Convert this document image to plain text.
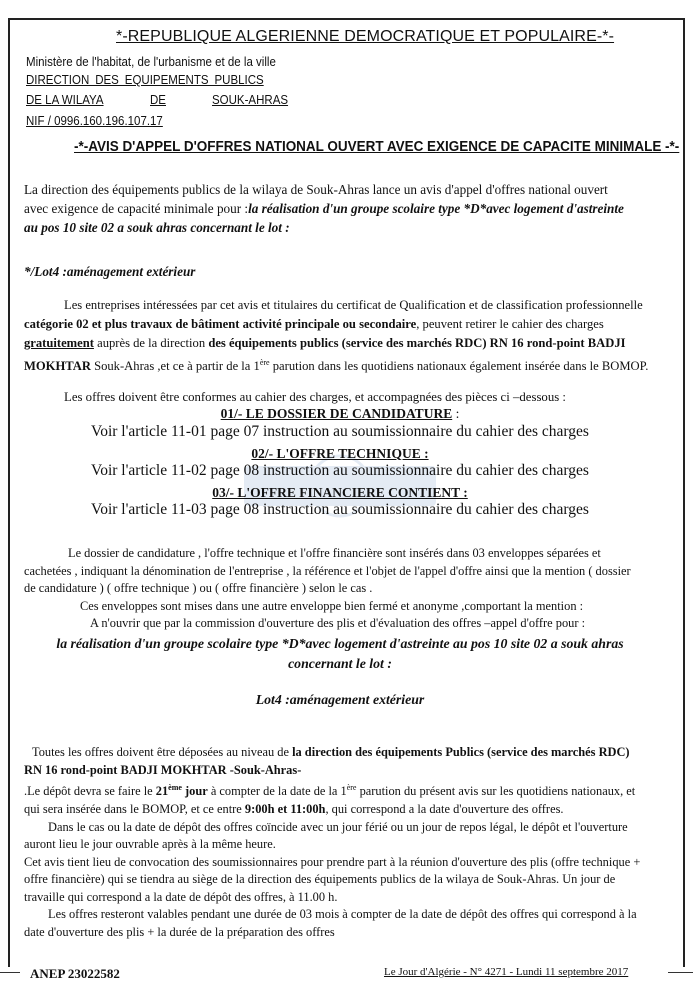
*-REPUBLIQUE ALGERIENNE DEMOCRATIQUE ET POPULAIRE-*-
Ministère de l'habitat, de l'urbanisme et de la ville
DIRECTION DES EQUIPEMENTS PUBLICS
DE LA WILAYA	DE	SOUK-AHRAS
NIF / 0996.160.196.107.17
-*-AVIS D'APPEL D'OFFRES NATIONAL OUVERT AVEC EXIGENCE DE CAPACITE MINIMALE -*-
La direction des équipements publics de la wilaya de Souk-Ahras lance un avis d'appel d'offres national ouvert
avec exigence de capacité minimale pour :la réalisation d'un groupe scolaire type *D*avec logement d'astreinte
au pos 10 site 02 a souk ahras concernant le lot :
*/Lot4 :aménagement extérieur
Les entreprises intéressées par cet avis et titulaires du certificat de Qualification et de classification professionnelle
catégorie 02 et plus travaux de bâtiment activité principale ou secondaire, peuvent retirer le cahier des charges
gratuitement auprès de la direction des équipements publics (service des marchés RDC) RN 16 rond-point BADJI
MOKHTAR Souk-Ahras ,et ce à partir de la 1ère parution dans les quotidiens nationaux également insérée dans le BOMOP.
Les offres doivent être conformes au cahier des charges, et accompagnées des pièces ci –dessous :
01/- LE DOSSIER DE CANDIDATURE :
Voir l'article 11-01 page 07 instruction au soumissionnaire du cahier des charges
02/- L'OFFRE TECHNIQUE :
Voir l'article 11-02 page 08 instruction au soumissionnaire du cahier des charges
03/- L'OFFRE FINANCIERE CONTIENT :
Voir l'article 11-03 page 08 instruction au soumissionnaire du cahier des charges
Le dossier de candidature , l'offre technique et l'offre financière sont insérés dans 03 enveloppes séparées et
cachetées , indiquant la dénomination de l'entreprise , la référence et l'objet de l'appel d'offre ainsi que la mention ( dossier
de candidature ) ( offre technique ) ou ( offre financière ) selon le cas .
Ces enveloppes sont mises dans une autre enveloppe bien fermé et anonyme ,comportant la mention :
A n'ouvrir que par la commission d'ouverture des plis et d'évaluation des offres –appel d'offre pour :
la réalisation d'un groupe scolaire type *D*avec logement d'astreinte au pos 10 site 02 a souk ahras
concernant le lot :
Lot4 :aménagement extérieur
Toutes les offres doivent être déposées au niveau de la direction des équipements Publics (service des marchés RDC)
RN 16 rond-point BADJI MOKHTAR -Souk-Ahras-
.Le dépôt devra se faire le 21ème jour à compter de la date de la 1ère parution du présent avis sur les quotidiens nationaux, et
qui sera insérée dans le BOMOP, et ce entre 9:00h et 11:00h, qui correspond a la date d'ouverture des offres.
Dans le cas ou la date de dépôt des offres coïncide avec un jour férié ou un jour de repos légal, le dépôt et l'ouverture
auront lieu le jour ouvrable après à la même heure.
Cet avis tient lieu de convocation des soumissionnaires pour prendre part à la réunion d'ouverture des plis (offre technique +
offre financière) qui se tiendra au siège de la direction des équipements publics de la wilaya de Souk-Ahras. Un jour de
travaille qui correspond a la date de dépôt des offres, à 11.00 h.
Les offres resteront valables pendant une durée de 03 mois à compter de la date de dépôt des offres qui correspond à la
date d'ouverture des plis + la durée de la préparation des offres
ANEP 23022582	Le Jour d'Algérie - N° 4271 - Lundi 11 septembre 2017
